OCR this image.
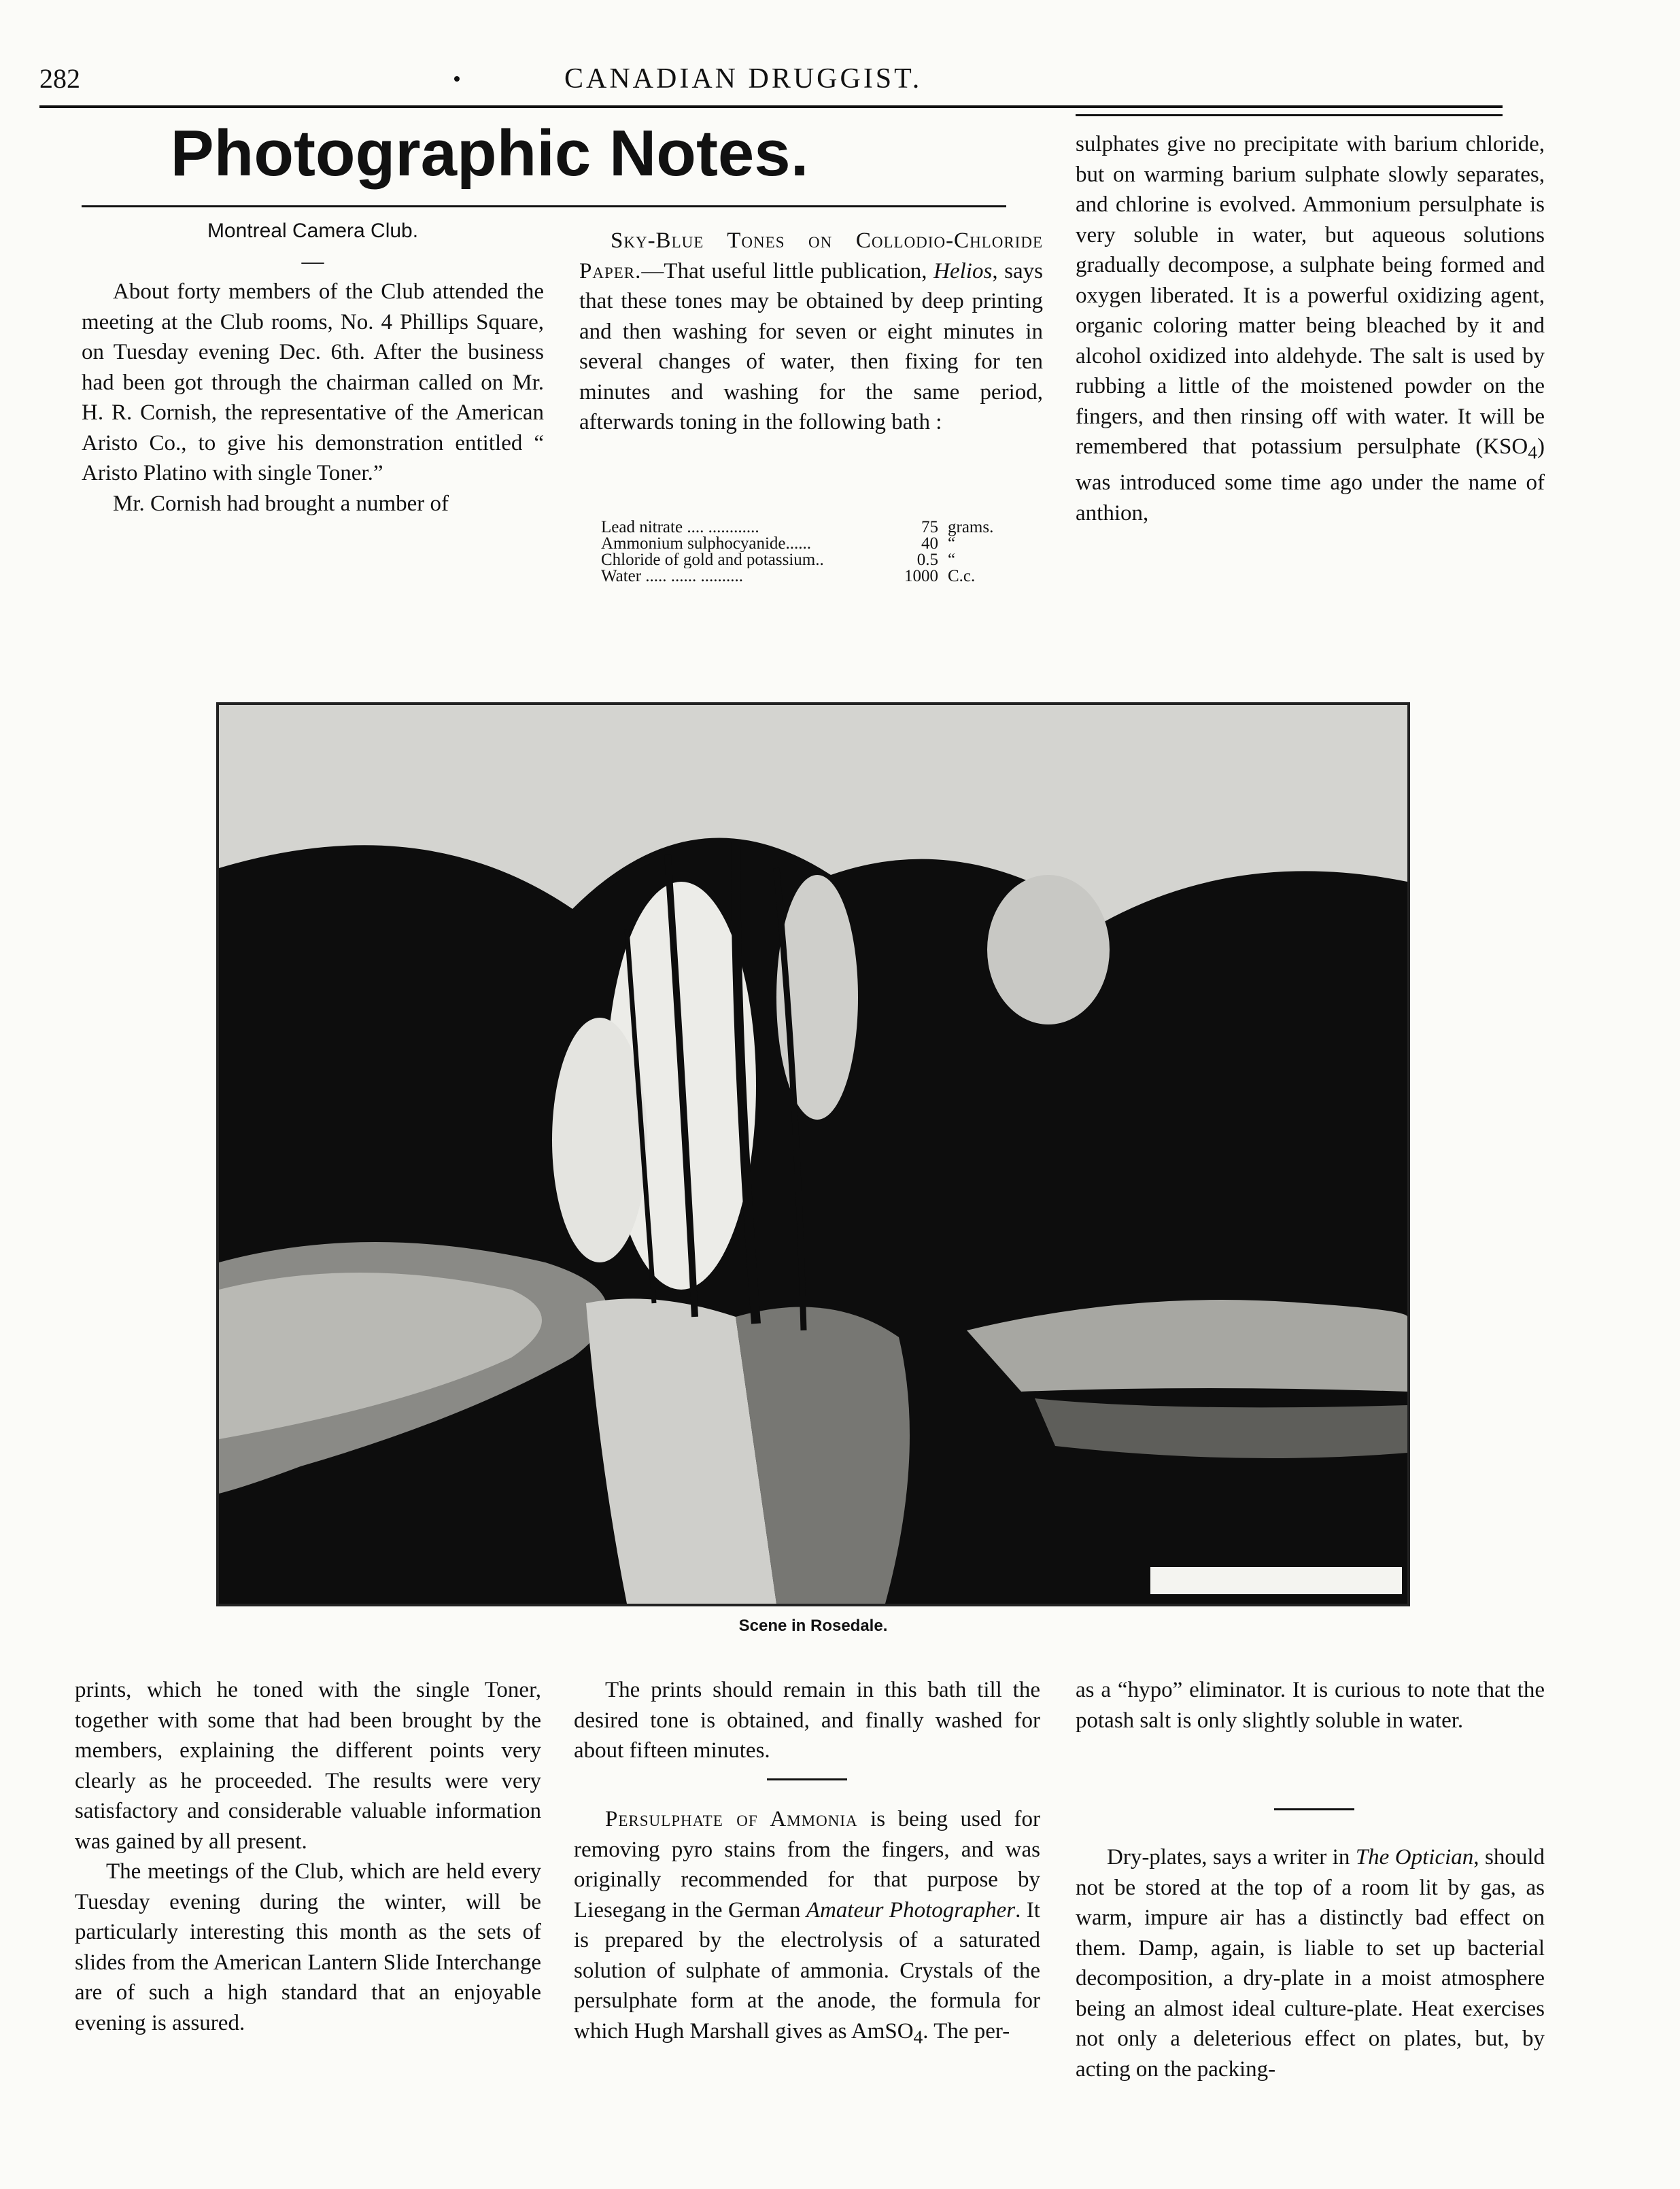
282	CANADIAN DRUGGIST.
Photographic Notes.
Montreal Camera Club.
—

About forty members of the Club attended the meeting at the Club rooms, No. 4 Phillips Square, on Tuesday evening Dec. 6th. After the business had been got through the chairman called on Mr. H. R. Cornish, the representative of the American Aristo Co., to give his demonstration entitled “ Aristo Platino with single Toner.”

Mr. Cornish had brought a number of

Sky-Blue Tones on Collodio-Chloride Paper.—That useful little publication, Helios, says that these tones may be obtained by deep printing and then washing for seven or eight minutes in several changes of water, then fixing for ten minutes and washing for the same period, afterwards toning in the following bath :

Lead nitrate .... ............	75 grams.
Ammonium sulphocyanide......	40 “
Chloride of gold and potassium..	0.5 “
Water ..... ...... ..........	1000 C.c.

sulphates give no precipitate with barium chloride, but on warming barium sulphate slowly separates, and chlorine is evolved. Ammonium persulphate is very soluble in water, but aqueous solutions gradually decompose, a sulphate being formed and oxygen liberated. It is a powerful oxidizing agent, organic coloring matter being bleached by it and alcohol oxidized into aldehyde. The salt is used by rubbing a little of the moistened powder on the fingers, and then rinsing off with water. It will be remembered that potassium persulphate $(KSO_4)$ was introduced some time ago under the name of anthion,

Scene in Rosedale.

prints, which he toned with the single Toner, together with some that had been brought by the members, explaining the different points very clearly as he proceeded. The results were very satisfactory and considerable valuable information was gained by all present.

The meetings of the Club, which are held every Tuesday evening during the winter, will be particularly interesting this month as the sets of slides from the American Lantern Slide Interchange are of such a high standard that an enjoyable evening is assured.

The prints should remain in this bath till the desired tone is obtained, and finally washed for about fifteen minutes.

Persulphate of Ammonia is being used for removing pyro stains from the fingers, and was originally recommended for that purpose by Liesegang in the German Amateur Photographer. It is prepared by the electrolysis of a saturated solution of sulphate of ammonia. Crystals of the persulphate form at the anode, the formula for which Hugh Marshall gives as AmSO$_4$. The per-

as a “hypo” eliminator. It is curious to note that the potash salt is only slightly soluble in water.

Dry-plates, says a writer in The Optician, should not be stored at the top of a room lit by gas, as warm, impure air has a distinctly bad effect on them. Damp, again, is liable to set up bacterial decomposition, a dry-plate in a moist atmosphere being an almost ideal culture-plate. Heat exercises not only a deleterious effect on plates, but, by acting on the packing-
